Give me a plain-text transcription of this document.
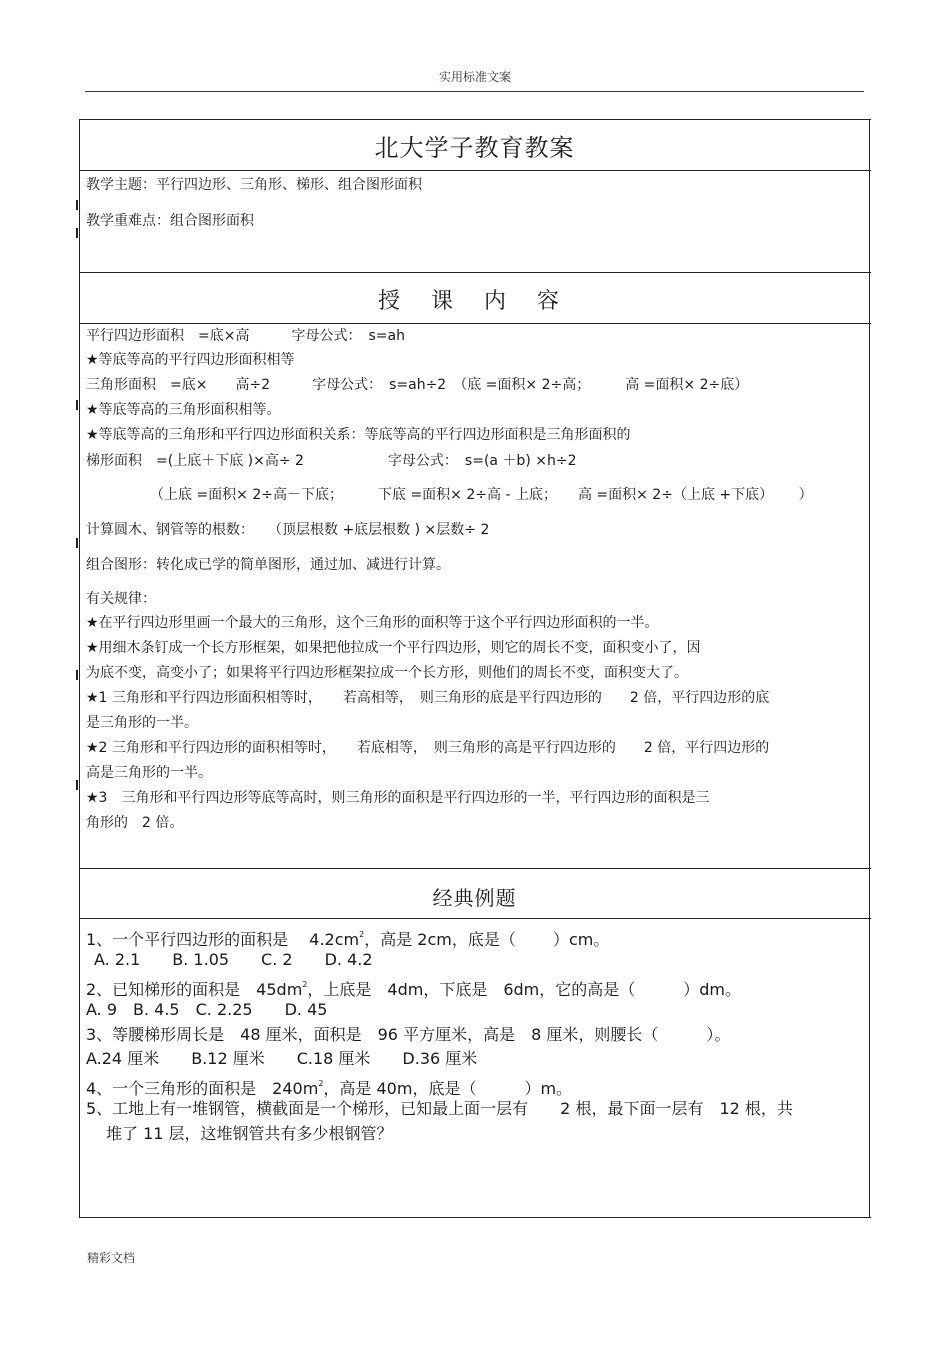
实用标准文案
北大学子教育教案
教学主题：平行四边形、三角形、梯形、组合图形面积
教学重难点：组合图形面积
授 课 内 容
平行四边形面积　=底×高　　　字母公式：　s=ah
★等底等高的平行四边形面积相等
三角形面积　=底×　　高÷2　　　字母公式：　s=ah÷2　（底 =面积× 2÷高；　　　高 =面积× 2÷底）
★等底等高的三角形面积相等。
★等底等高的三角形和平行四边形面积关系：等底等高的平行四边形面积是三角形面积的
梯形面积　=(上底＋下底 )×高÷ 2　　　　　　字母公式：　s=(a ＋b) ×h÷2
（上底 =面积× 2÷高－下底；　　　下底 =面积× 2÷高 - 上底；　　高 =面积× 2÷（上底 +下底）　　 ）
计算圆木、钢管等的根数：　　（顶层根数 +底层根数 ) ×层数÷ 2
组合图形：转化成已学的简单图形，通过加、减进行计算。
有关规律：
★在平行四边形里画一个最大的三角形，这个三角形的面积等于这个平行四边形面积的一半。
★用细木条钉成一个长方形框架，如果把他拉成一个平行四边形，则它的周长不变，面积变小了，因
为底不变，高变小了；如果将平行四边形框架拉成一个长方形，则他们的周长不变，面积变大了。
★1 三角形和平行四边形面积相等时，　　若高相等，　则三角形的底是平行四边形的　　2 倍，平行四边形的底
是三角形的一半。
★2 三角形和平行四边形的面积相等时，　　若底相等，　则三角形的高是平行四边形的　　2 倍，平行四边形的
高是三角形的一半。
★3　三角形和平行四边形等底等高时，则三角形的面积是平行四边形的一半，平行四边形的面积是三
角形的　2 倍。
经典例题
1、一个平行四边形的面积是　 $4.2cm^2$，高是 2cm，底是（　　 ）cm。
A. 2.1　　B. 1.05　　C. 2　　D. 4.2
2、已知梯形的面积是　$45dm^2$，上底是　4dm，下底是　6dm，它的高是（　　　）dm。
A. 9　B. 4.5　C. 2.25　　D. 45
3、等腰梯形周长是　48 厘米，面积是　96 平方厘米，高是　8 厘米，则腰长（　　　）。
A.24 厘米　　B.12 厘米　　C.18 厘米　　D.36 厘米
4、一个三角形的面积是　$240m^2$，高是 40m，底是（　　　）m。
5、工地上有一堆钢管，横截面是一个梯形，已知最上面一层有　　2 根，最下面一层有　12 根，共
堆了 11 层，这堆钢管共有多少根钢管？
精彩文档
